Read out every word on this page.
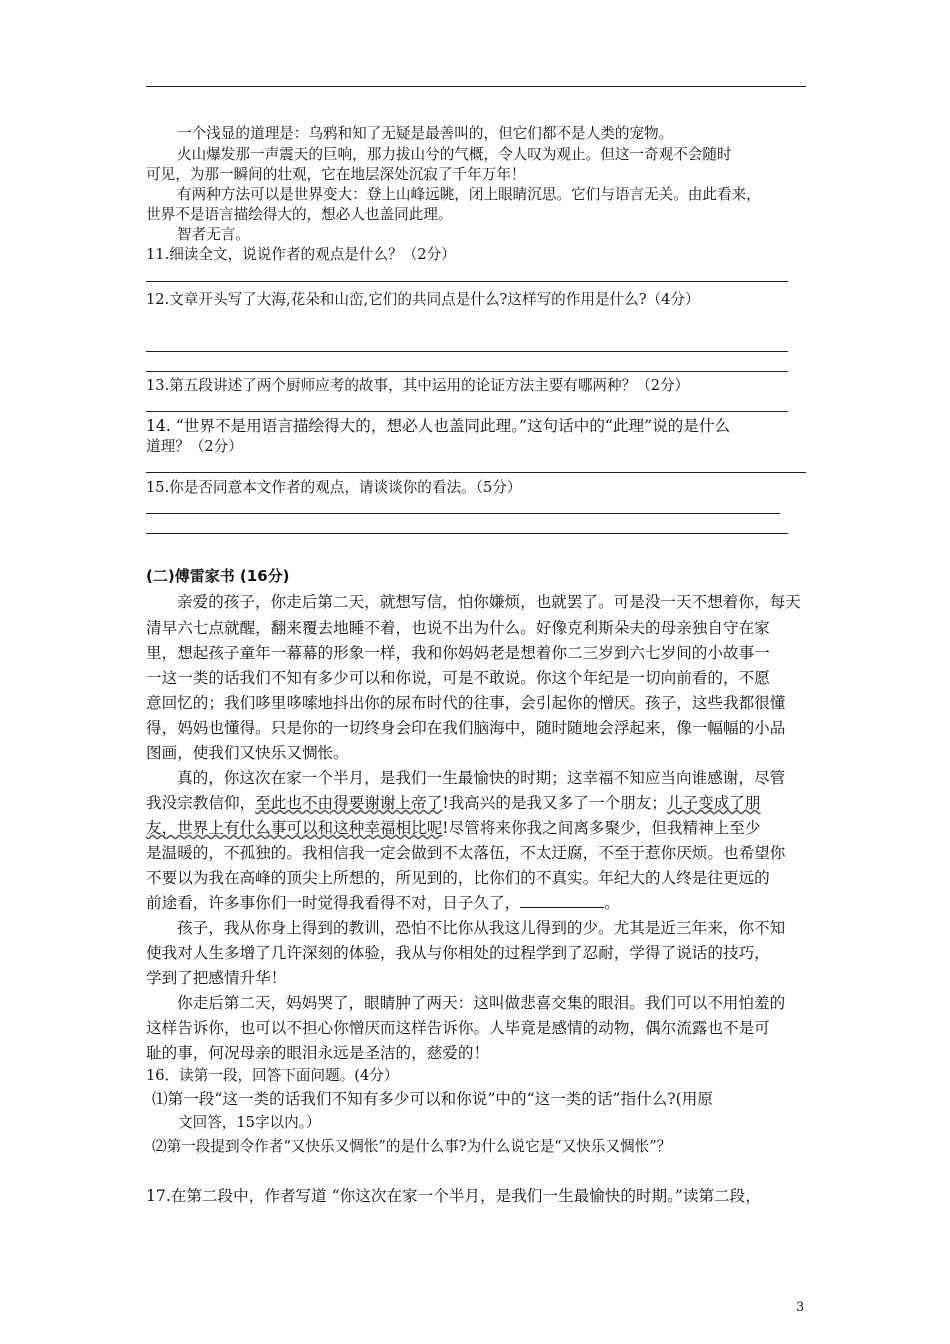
一个浅显的道理是：乌鸦和知了无疑是最善叫的，但它们都不是人类的宠物。
火山爆发那一声震天的巨响，那力拔山兮的气概，令人叹为观止。但这一奇观不会随时
可见，为那一瞬间的壮观，它在地层深处沉寂了千年万年！
有两种方法可以是世界变大：登上山峰远眺，闭上眼睛沉思。它们与语言无关。由此看来，
世界不是语言描绘得大的，想必人也盖同此理。
智者无言。
11.细读全文，说说作者的观点是什么？（2分）
12.文章开头写了大海,花朵和山峦,它们的共同点是什么?这样写的作用是什么?（4分）
13.第五段讲述了两个厨师应考的故事，其中运用的论证方法主要有哪两种？（2分）
14. “世界不是用语言描绘得大的，想必人也盖同此理。”这句话中的“此理”说的是什么
道理？（2分）
15.你是否同意本文作者的观点，请谈谈你的看法。（5分）
(二)傅雷家书 (16分)
亲爱的孩子，你走后第二天，就想写信，怕你嫌烦，也就罢了。可是没一天不想着你，每天
清早六七点就醒，翻来覆去地睡不着，也说不出为什么。好像克利斯朵夫的母亲独自守在家
里，想起孩子童年一幕幕的形象一样，我和你妈妈老是想着你二三岁到六七岁间的小故事一
一这一类的话我们不知有多少可以和你说，可是不敢说。你这个年纪是一切向前看的，不愿
意回忆的；我们哆里哆嗦地抖出你的尿布时代的往事，会引起你的憎厌。孩子，这些我都很懂
得，妈妈也懂得。只是你的一切终身会印在我们脑海中，随时随地会浮起来，像一幅幅的小品
图画，使我们又快乐又惆怅。
真的，你这次在家一个半月，是我们一生最愉快的时期；这幸福不知应当向谁感谢，尽管
我没宗教信仰，至此也不由得要谢谢上帝了!我高兴的是我又多了一个朋友；儿子变成了朋
友，世界上有什么事可以和这种幸福相比呢!尽管将来你我之间离多聚少，但我精神上至少
是温暖的，不孤独的。我相信我一定会做到不太落伍，不太迂腐，不至于惹你厌烦。也希望你
不要以为我在高峰的顶尖上所想的，所见到的，比你们的不真实。年纪大的人终是往更远的
前途看，许多事你们一时觉得我看得不对，日子久了，	。
孩子，我从你身上得到的教训，恐怕不比你从我这儿得到的少。尤其是近三年来，你不知
使我对人生多增了几许深刻的体验，我从与你相处的过程学到了忍耐，学得了说话的技巧，
学到了把感情升华！
你走后第二天，妈妈哭了，眼睛肿了两天：这叫做悲喜交集的眼泪。我们可以不用怕羞的
这样告诉你，也可以不担心你憎厌而这样告诉你。人毕竟是感情的动物，偶尔流露也不是可
耻的事，何况母亲的眼泪永远是圣洁的，慈爱的！
16．读第一段，回答下面问题。(4分）
⑴第一段“这一类的话我们不知有多少可以和你说”中的“这一类的话”指什么?(用原
文回答，15字以内。）
⑵第一段提到令作者“又快乐又惆怅”的是什么事?为什么说它是“又快乐又惆怅”？
17.在第二段中，作者写道 “你这次在家一个半月，是我们一生最愉快的时期。”读第二段，
3
